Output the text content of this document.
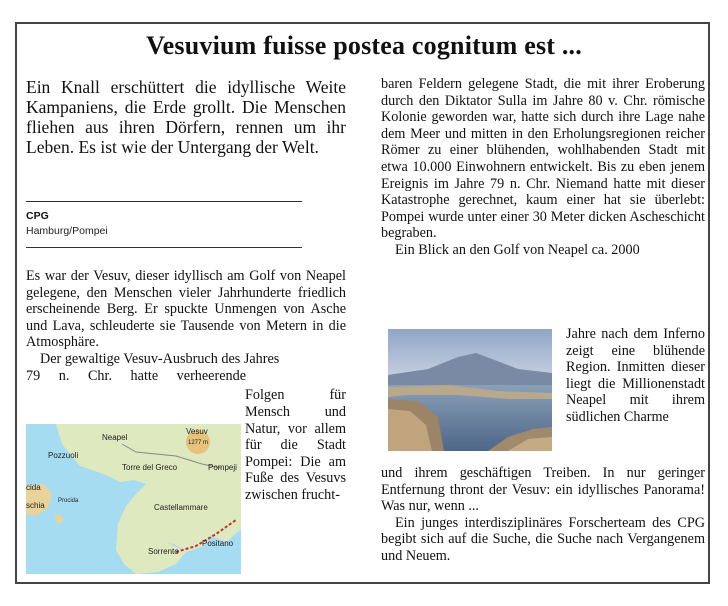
Vesuvium fuisse postea cognitum est ...

Ein Knall erschüttert die idyllische Weite Kampaniens, die Erde grollt. Die Menschen fliehen aus ihren Dörfern, rennen um ihr Leben. Es ist wie der Untergang der Welt.

CPG
Hamburg/Pompei

Es war der Vesuv, dieser idyllisch am Golf von Neapel gelegene, den Menschen vieler Jahrhunderte friedlich erscheinende Berg. Er spuckte Unmengen von Asche und Lava, schleuderte sie Tausende von Metern in die Atmosphäre.

Der gewaltige Vesuv-Ausbruch des Jahres

79 n. Chr. hatte verheerende

Folgen für Mensch und Natur, vor allem für die Stadt Pompei: Die am Fuße des Vesuvs zwischen frucht-

Vesuv
1277 m
Neapel
Pozzuoli
Pompeji
Torre del Greco
Castellammare
cida
Procida
schia
Sorrento
Positano

baren Feldern gelegene Stadt, die mit ihrer Eroberung durch den Diktator Sulla im Jahre 80 v. Chr. römische Kolonie geworden war, hatte sich durch ihre Lage nahe dem Meer und mitten in den Erholungsregionen reicher Römer zu einer blühenden, wohlhabenden Stadt mit etwa 10.000 Einwohnern entwickelt. Bis zu eben jenem Ereignis im Jahre 79 n. Chr. Niemand hatte mit dieser Katastrophe gerechnet, kaum einer hat sie überlebt: Pompei wurde unter einer 30 Meter dicken Ascheschicht begraben.

Ein Blick an den Golf von Neapel ca. 2000

Jahre nach dem Inferno zeigt eine blühende Region. Inmitten dieser liegt die Millionenstadt Neapel mit ihrem südlichen Charme

und ihrem geschäftigen Treiben. In nur geringer Entfernung thront der Vesuv: ein idyllisches Panorama! Was nur, wenn ...

Ein junges interdisziplinäres Forscherteam des CPG begibt sich auf die Suche, die Suche nach Vergangenem und Neuem.
